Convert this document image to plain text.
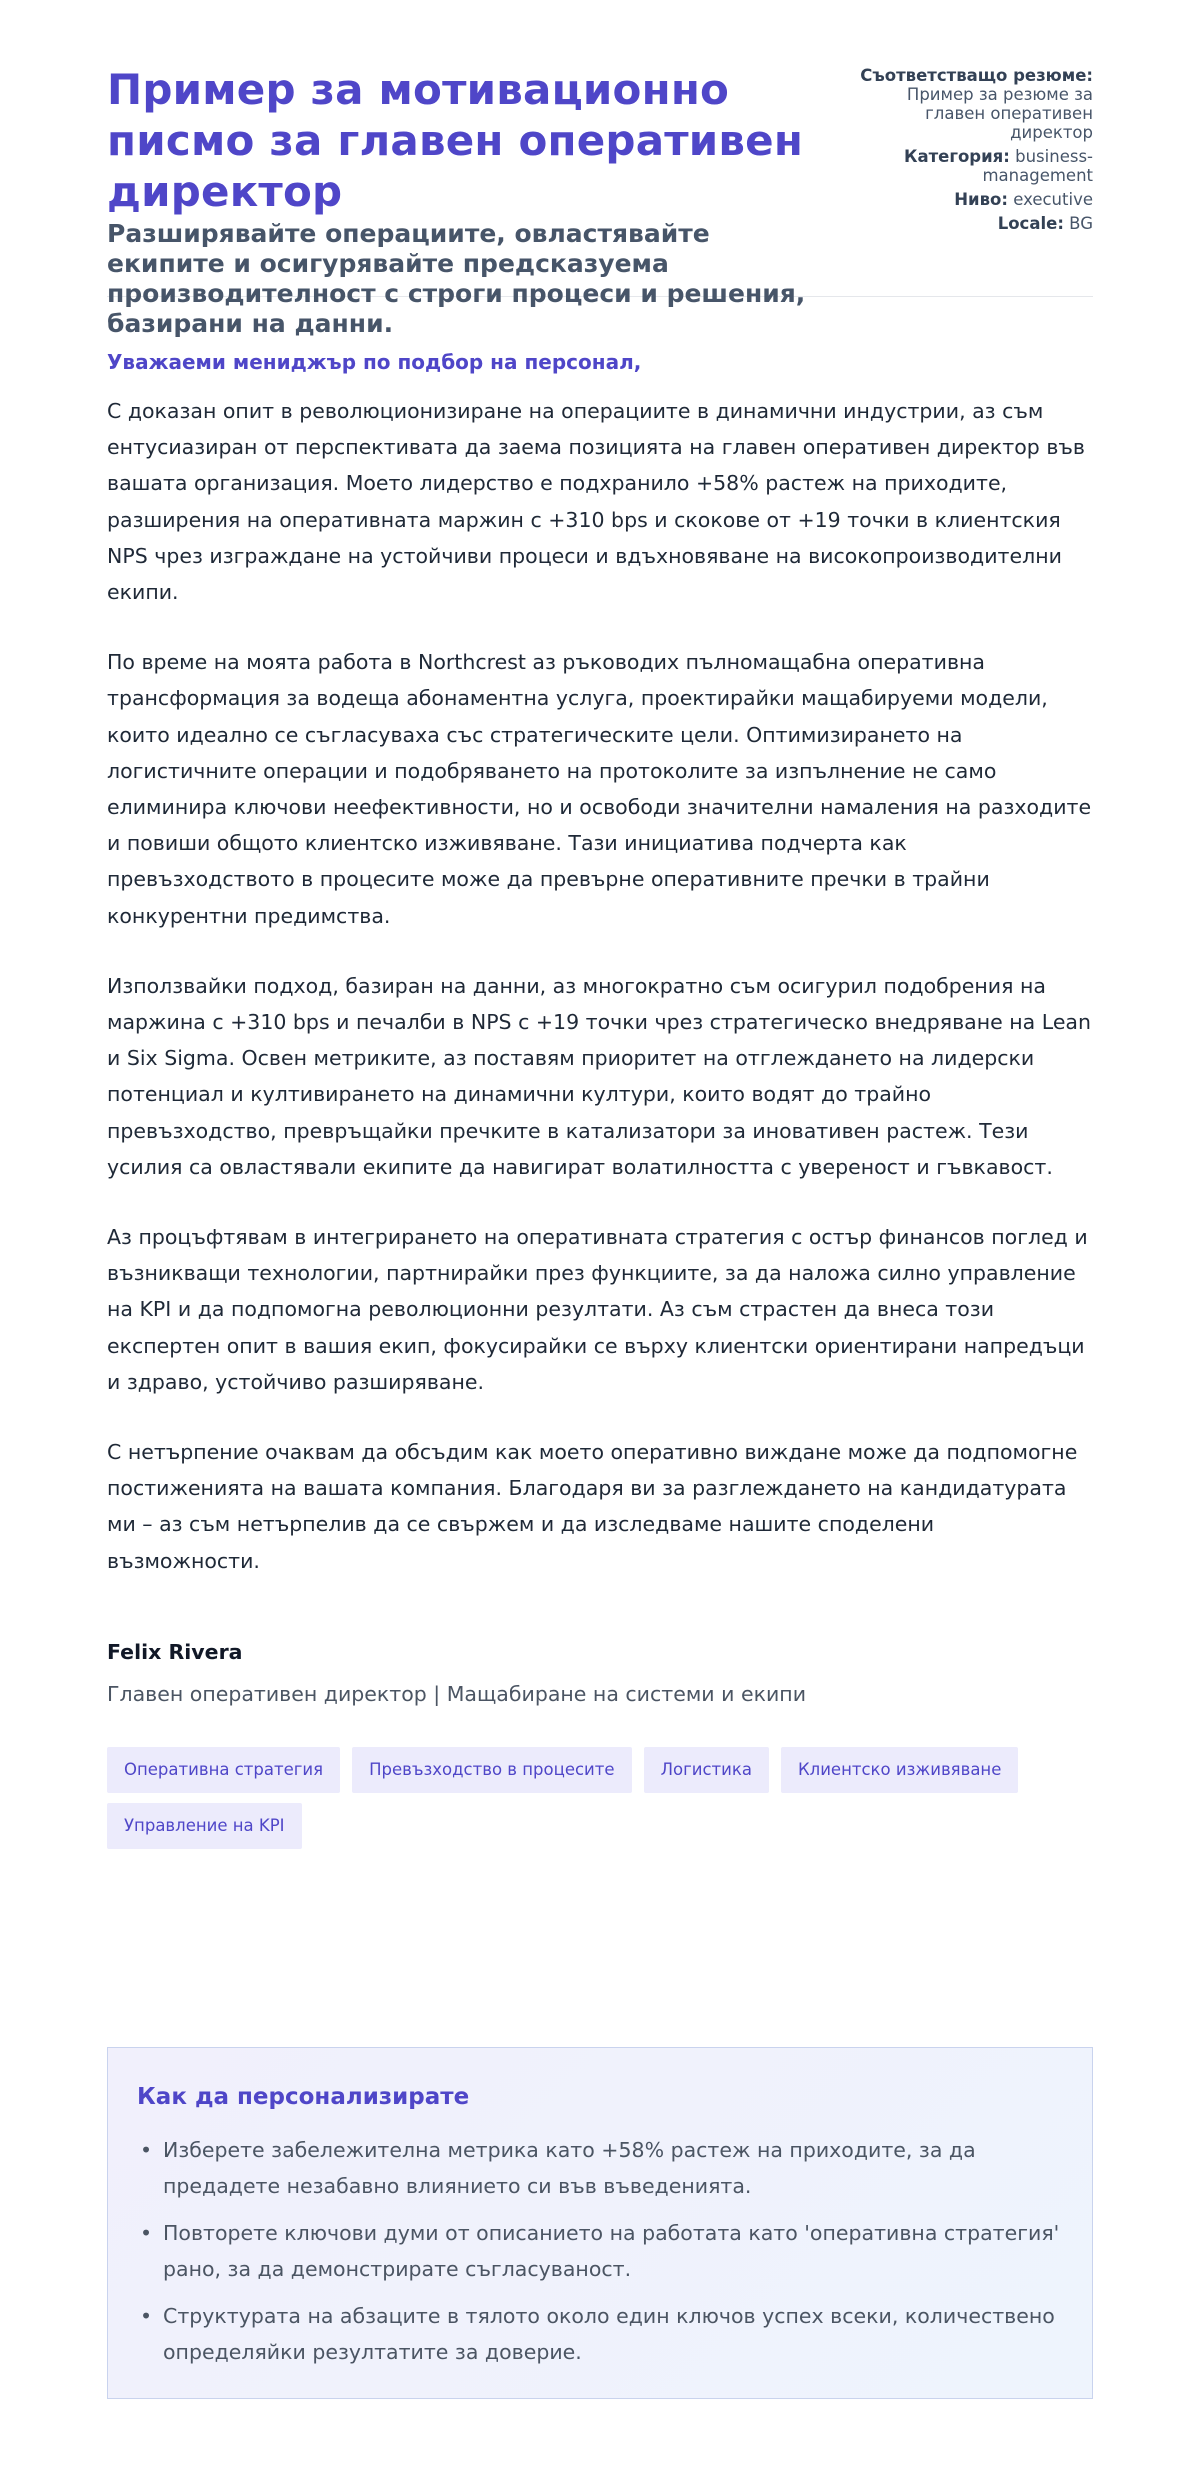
Пример за мотивационно писмо за главен оперативен директор
Разширявайте операциите, овластявайте екипите и осигурявайте предсказуема производителност с строги процеси и решения, базирани на данни.
Съответстващо резюме: Пример за резюме за главен оперативен директор
Категория: business-management
Ниво: executive
Locale: BG

Уважаеми мениджър по подбор на персонал,

С доказан опит в революционизиране на операциите в динамични индустрии, аз съм ентусиазиран от перспективата да заема позицията на главен оперативен директор във вашата организация. Моето лидерство е подхранило +58% растеж на приходите, разширения на оперативната маржин с +310 bps и скокове от +19 точки в клиентския NPS чрез изграждане на устойчиви процеси и вдъхновяване на високопроизводителни екипи.

По време на моята работа в Northcrest аз ръководих пълномащабна оперативна трансформация за водеща абонаментна услуга, проектирайки мащабируеми модели, които идеално се съгласуваха със стратегическите цели. Оптимизирането на логистичните операции и подобряването на протоколите за изпълнение не само елиминира ключови неефективности, но и освободи значителни намаления на разходите и повиши общото клиентско изживяване. Тази инициатива подчерта как превъзходството в процесите може да превърне оперативните пречки в трайни конкурентни предимства.

Използвайки подход, базиран на данни, аз многократно съм осигурил подобрения на маржина с +310 bps и печалби в NPS с +19 точки чрез стратегическо внедряване на Lean и Six Sigma. Освен метриките, аз поставям приоритет на отглеждането на лидерски потенциал и култивирането на динамични култури, които водят до трайно превъзходство, превръщайки пречките в катализатори за иновативен растеж. Тези усилия са овластявали екипите да навигират волатилността с увереност и гъвкавост.

Аз процъфтявам в интегрирането на оперативната стратегия с остър финансов поглед и възникващи технологии, партнирайки през функциите, за да наложа силно управление на KPI и да подпомогна революционни резултати. Аз съм страстен да внеса този експертен опит в вашия екип, фокусирайки се върху клиентски ориентирани напредъци и здраво, устойчиво разширяване.

С нетърпение очаквам да обсъдим как моето оперативно виждане може да подпомогне постиженията на вашата компания. Благодаря ви за разглеждането на кандидатурата ми – аз съм нетърпелив да се свържем и да изследваме нашите споделени възможности.

Felix Rivera

Главен оперативен директор | Мащабиране на системи и екипи

Оперативна стратегия	Превъзходство в процесите	Логистика	Клиентско изживяване
Управление на KPI
Как да персонализирате
• Изберете забележителна метрика като +58% растеж на приходите, за да предадете незабавно влиянието си във въведенията.
• Повторете ключови думи от описанието на работата като 'оперативна стратегия' рано, за да демонстрирате съгласуваност.
• Структурата на абзаците в тялото около един ключов успех всеки, количествено определяйки резултатите за доверие.
